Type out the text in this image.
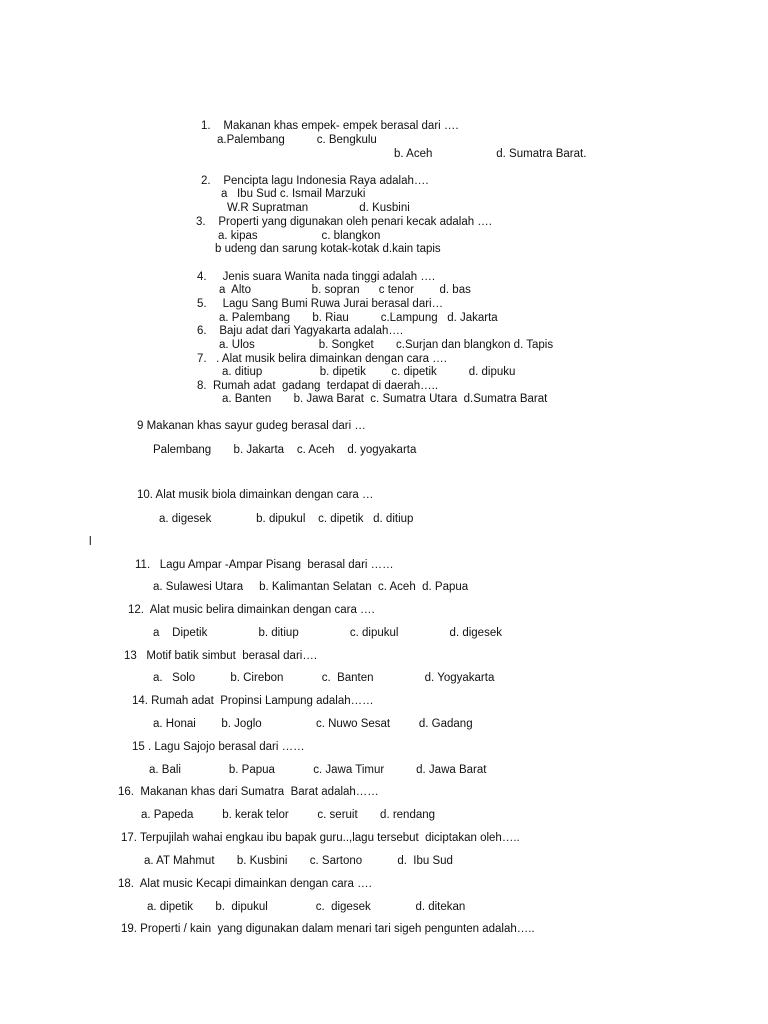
1.    Makanan khas empek- empek berasal dari ….
a.Palembang          c. Bengkulu
b. Aceh                    d. Sumatra Barat.
2.    Pencipta lagu Indonesia Raya adalah….
a   Ibu Sud c. Ismail Marzuki
W.R Supratman                d. Kusbini
3.    Properti yang digunakan oleh penari kecak adalah ….
a. kipas                    c. blangkon
b udeng dan sarung kotak-kotak d.kain tapis
4.     Jenis suara Wanita nada tinggi adalah ….
a  Alto                   b. sopran      c tenor        d. bas
5.     Lagu Sang Bumi Ruwa Jurai berasal dari…
a. Palembang       b. Riau          c.Lampung   d. Jakarta
6.    Baju adat dari Yagyakarta adalah….
a. Ulos                    b. Songket       c.Surjan dan blangkon d. Tapis
7.   . Alat musik belira dimainkan dengan cara ….
a. ditiup                  b. dipetik        c. dipetik          d. dipuku
8.  Rumah adat  gadang  terdapat di daerah…..
a. Banten       b. Jawa Barat  c. Sumatra Utara  d.Sumatra Barat
9 Makanan khas sayur gudeg berasal dari …
Palembang       b. Jakarta    c. Aceh    d. yogyakarta
10. Alat musik biola dimainkan dengan cara …
a. digesek              b. dipukul    c. dipetik   d. ditiup
l
11.   Lagu Ampar -Ampar Pisang  berasal dari ……
a. Sulawesi Utara     b. Kalimantan Selatan  c. Aceh  d. Papua
12.  Alat music belira dimainkan dengan cara ….
a    Dipetik                b. ditiup                c. dipukul                d. digesek
13   Motif batik simbut  berasal dari….
a.   Solo           b. Cirebon            c.  Banten                d. Yogyakarta
14. Rumah adat  Propinsi Lampung adalah……
a. Honai        b. Joglo                 c. Nuwo Sesat         d. Gadang
15 . Lagu Sajojo berasal dari ……
a. Bali               b. Papua            c. Jawa Timur          d. Jawa Barat
16.  Makanan khas dari Sumatra  Barat adalah……
a. Papeda         b. kerak telor         c. seruit       d. rendang
17. Terpujilah wahai engkau ibu bapak guru..,lagu tersebut  diciptakan oleh…..
a. AT Mahmut       b. Kusbini       c. Sartono           d.  Ibu Sud
18.  Alat music Kecapi dimainkan dengan cara ….
a. dipetik       b.  dipukul               c.  digesek              d. ditekan
19. Properti / kain  yang digunakan dalam menari tari sigeh pengunten adalah…..
